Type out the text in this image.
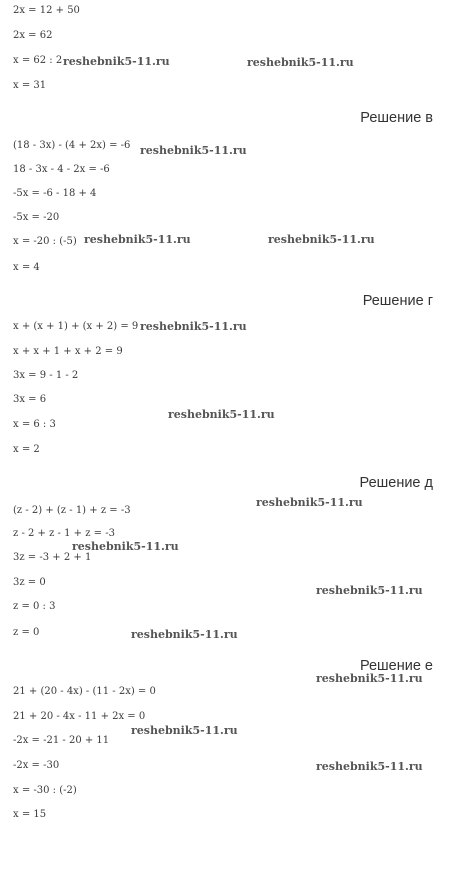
2x = 12 + 50
2x = 62
x = 62 : 2
x = 31
Решение в
(18 - 3x) - (4 + 2x) = -6
18 - 3x - 4 - 2x = -6
-5x = -6 - 18 + 4
-5x = -20
x = -20 : (-5)
x = 4
Решение г
x + (x + 1) + (x + 2) = 9
x + x + 1 + x + 2 = 9
3x = 9 - 1 - 2
3x = 6
x = 6 : 3
x = 2
Решение д
(z - 2) + (z - 1) + z = -3
z - 2 + z - 1 + z = -3
3z = -3 + 2 + 1
3z = 0
z = 0 : 3
z = 0
Решение е
21 + (20 - 4x) - (11 - 2x) = 0
21 + 20 - 4x - 11 + 2x = 0
-2x = -21 - 20 + 11
-2x = -30
x = -30 : (-2)
x = 15
reshebnik5-11.ru	reshebnik5-11.ru
reshebnik5-11.ru
reshebnik5-11.ru	reshebnik5-11.ru
reshebnik5-11.ru
reshebnik5-11.ru
reshebnik5-11.ru
reshebnik5-11.ru
reshebnik5-11.ru
reshebnik5-11.ru
reshebnik5-11.ru
reshebnik5-11.ru
reshebnik5-11.ru
